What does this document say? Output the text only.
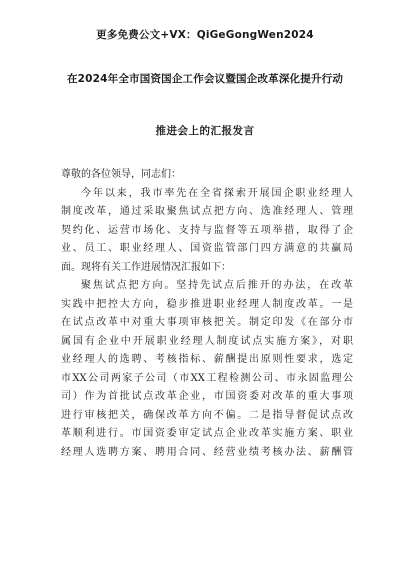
更多免费公文+VX：QiGeGongWen2024
在2024年全市国资国企工作会议暨国企改革深化提升行动
推进会上的汇报发言
尊敬的各位领导，同志们：
今年以来，我市率先在全省探索开展国企职业经理人
制度改革，通过采取聚焦试点把方向、选准经理人、管理
契约化、运营市场化、支持与监督等五项举措，取得了企
业、员工、职业经理人、国资监管部门四方满意的共赢局
面。现将有关工作进展情况汇报如下：
聚焦试点把方向。坚持先试点后推开的办法，在改革
实践中把控大方向，稳步推进职业经理人制度改革。一是
在试点改革中对重大事项审核把关。制定印发《在部分市
属国有企业中开展职业经理人制度试点实施方案》，对职
业经理人的选聘、考核指标、薪酬提出原则性要求，选定
市XX公司两家子公司（市XX工程检测公司、市永固监理公
司）作为首批试点改革企业，市国资委对改革的重大事项
进行审核把关，确保改革方向不偏。二是指导督促试点改
革顺利进行。市国资委审定试点企业改革实施方案、职业
经理人选聘方案、聘用合同、经营业绩考核办法、薪酬管
